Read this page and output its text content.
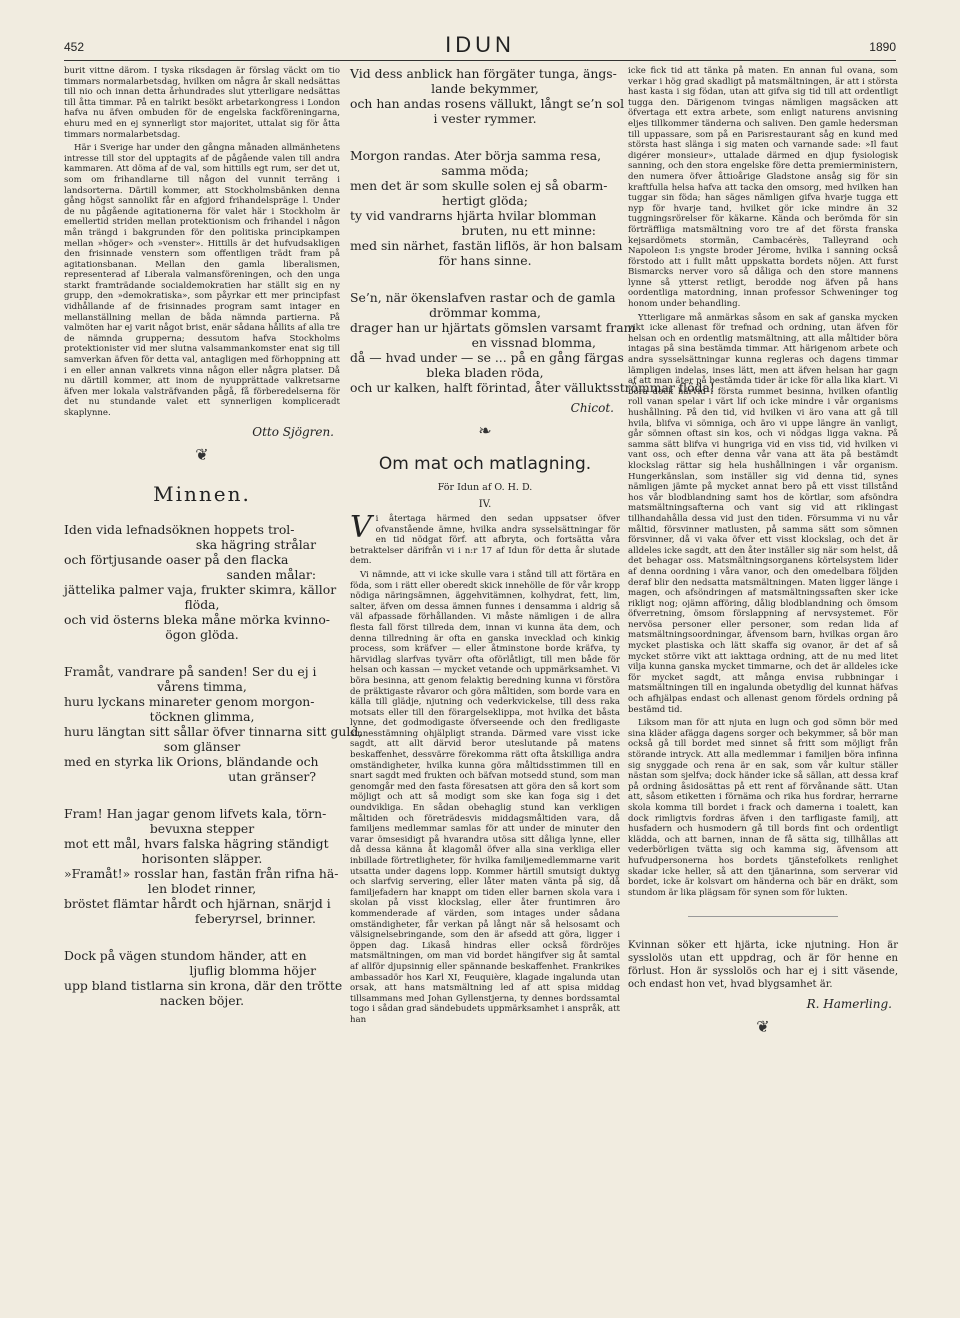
452	IDUN	1890

burit vittne därom. I tyska riksdagen är förslag väckt om tio timmars normalarbetsdag, hvilken om några år skall nedsättas till nio och innan detta århundrades slut ytterligare nedsättas till åtta timmar. På en talrikt besökt arbetarkongress i London hafva nu äfven ombuden för de engelska fackföreningarna, ehuru med en ej synnerligt stor majoritet, uttalat sig för åtta timmars normalarbetsdag.

Här i Sverige har under den gångna månaden allmänhetens intresse till stor del upptagits af de pågående valen till andra kammaren. Att döma af de val, som hittills egt rum, ser det ut, som om frihandlarne till någon del vunnit terräng i landsorterna. Därtill kommer, att Stockholmsbänken denna gång högst sannolikt får en afgjord frihandelspräge l. Under de nu pågående agitationerna för valet här i Stockholm är emellertid striden mellan protektionism och frihandel i någon mån trängd i bakgrunden för den politiska principkampen mellan »höger» och »venster». Hittills är det hufvudsakligen den frisinnade venstern som offentligen trädt fram på agitationsbanan. Mellan den gamla liberalismen, representerad af Liberala valmansföreningen, och den unga starkt framträdande socialdemokratien har ställt sig en ny grupp, den »demokratiska», som påyrkar ett mer principfast vidhållande af de frisinnades program samt intager en mellanställning mellan de båda nämnda partierna. På valmöten har ej varit något brist, enär sådana hållits af alla tre de nämnda grupperna; dessutom hafva Stockholms protektionister vid mer slutna valsammankomster enat sig till samverkan äfven för detta val, antagligen med förhoppning att i en eller annan valkrets vinna någon eller några platser. Då nu därtill kommer, att inom de nyupprättade valkretsarne äfven mer lokala valsträfvanden pågå, få förberedelserna för det nu stundande valet ett synnerligen kompliceradt skaplynne.

Otto Sjögren.
❦
Minnen.

Iden vida lefnadsöknen hoppets trol-

ska hägring strålar

och förtjusande oaser på den flacka

sanden målar:

jättelika palmer vaja, frukter skimra, källor

flöda,

och vid österns bleka måne mörka kvinno-

ögon glöda.

Framåt, vandrare på sanden! Ser du ej i

vårens timma,

huru lyckans minareter genom morgon-

töcknen glimma,

huru längtan sitt sållar öfver tinnarna sitt guld,

som glänser

med en styrka lik Orions, bländande och

utan gränser?

Fram! Han jagar genom lifvets kala, törn-

bevuxna stepper

mot ett mål, hvars falska hägring ständigt

horisonten släpper.

»Framåt!» rosslar han, fastän från rifna hä-

len blodet rinner,

bröstet flämtar hårdt och hjärnan, snärjd i

feberyrsel, brinner.

Dock på vägen stundom händer, att en

ljuflig blomma höjer

upp bland tistlarna sin krona, där den trötte

nacken böjer.

Vid dess anblick han förgäter tunga, ängs-

lande bekymmer,

och han andas rosens vällukt, långt se’n sol

i vester rymmer.

Morgon randas. Ater börja samma resa,

samma möda;

men det är som skulle solen ej så obarm-

hertigt glöda;

ty vid vandrarns hjärta hvilar blomman

bruten, nu ett minne:

med sin närhet, fastän liflös, är hon balsam

för hans sinne.

Se’n, när ökenslafven rastar och de gamla

drömmar komma,

drager han ur hjärtats gömslen varsamt fram

en vissnad blomma,

då — hvad under — se ... på en gång färgas

bleka bladen röda,

och ur kalken, halft förintad, åter välluktsströmmar flöda!

Chicot.
❧
Om mat och matlagning.
För Idun af O. H. D.
IV.

Vi återtaga härmed den sedan uppsatser öfver ofvanstående ämne, hvilka andra sysselsättningar för en tid nödgat förf. att afbryta, och fortsätta våra betraktelser därifrån vi i n:r 17 af Idun för detta år slutade dem.

Vi nämnde, att vi icke skulle vara i stånd till att förtära en föda, som i rätt eller oberedt skick innehölle de för vår kropp nödiga näringsämnen, äggehvitämnen, kolhydrat, fett, lim, salter, äfven om dessa ämnen funnes i densamma i aldrig så väl afpassade förhållanden. Vi måste nämligen i de allra flesta fall först tillreda dem, innan vi kunna äta dem, och denna tillredning är ofta en ganska invecklad och kinkig process, som kräfver — eller åtminstone borde kräfva, ty härvidlag slarfvas tyvärr ofta oförlåtligt, till men både för helsan och kassan — mycket vetande och uppmärksamhet. Vi böra besinna, att genom felaktig beredning kunna vi förstöra de präktigaste råvaror och göra måltiden, som borde vara en källa till glädje, njutning och vederkvickelse, till dess raka motsats eller till den förargelseklippa, mot hvilka det båsta lynne, det godmodigaste öfverseende och den fredligaste sinnesstämning ohjälpligt stranda. Därmed vare visst icke sagdt, att allt därvid beror uteslutande på matens beskaffenhet, dessvärre förekomma rätt ofta åtskilliga andra omständigheter, hvilka kunna göra måltidsstimmen till en snart sagdt med frukten och bäfvan motsedd stund, som man genomgår med den fasta föresatsen att göra den så kort som möjligt och att så modigt som ske kan foga sig i det oundvikliga. En sådan obehaglig stund kan verkligen måltiden och företrädesvis middagsmåltiden vara, då familjens medlemmar samlas för att under de minuter den varar ömsesidigt på hvarandra utösa sitt dåliga lynne, eller då dessa känna åt klagomål öfver alla sina verkliga eller inbillade förtretligheter, för hvilka familjemedlemmarne varit utsatta under dagens lopp. Kommer härtill smutsigt duktyg och slarfvig servering, eller låter maten vänta på sig, då familjefadern har knappt om tiden eller barnen skola vara i skolan på visst klockslag, eller åter fruntimren äro kommenderade af värden, som intages under sådana omständigheter, får verkan på långt när så helsosamt och välsignelsebringande, som den är afsedd att göra, ligger i öppen dag. Likaså hindras eller också fördröjes matsmältningen, om man vid bordet hängifver sig åt samtal af allför djupsinnig eller spännande beskaffenhet. Frankrikes ambassadör hos Karl XI, Feuquière, klagade ingalunda utan orsak, att hans matsmältning led af att spisa middag tillsammans med Johan Gyllenstjerna, ty dennes bordssamtal togo i sådan grad sändebudets uppmärksamhet i anspråk, att han

icke fick tid att tänka på maten. En annan ful ovana, som verkar i hög grad skadligt på matsmältningen, är att i största hast kasta i sig födan, utan att gifva sig tid till att ordentligt tugga den. Därigenom tvingas nämligen magsäcken att öfvertaga ett extra arbete, som enligt naturens anvisning eljes tillkommer tänderna och saliven. Den gamle hedersman till uppassare, som på en Parisrestaurant såg en kund med största hast slänga i sig maten och varnande sade: »Il faut digérer monsieur», uttalade därmed en djup fysiologisk sanning, och den stora engelske före detta premierministern, den numera öfver åttioårige Gladstone ansåg sig för sin kraftfulla helsa hafva att tacka den omsorg, med hvilken han tuggar sin föda; han säges nämligen gifva hvarje tugga ett nyp för hvarje tand, hvilket gör icke mindre än 32 tuggningsrörelser för käkarne. Kända och berömda för sin förträffliga matsmältning voro tre af det första franska kejsardömets stormän, Cambacérès, Talleyrand och Napoleon I:s yngste broder Jérome, hvilka i sanning också förstodo att i fullt mått uppskatta bordets nöjen. Att furst Bismarcks nerver voro så dåliga och den store mannens lynne så ytterst retligt, berodde nog äfven på hans oordentliga matordning, innan professor Schweninger tog honom under behandling.

Ytterligare må anmärkas såsom en sak af ganska mycken vikt icke allenast för trefnad och ordning, utan äfven för helsan och en ordentlig matsmältning, att alla måltider böra intagas på sina bestämda timmar. Att härigenom arbete och andra sysselsättningar kunna regleras och dagens timmar lämpligen indelas, inses lätt, men att äfven helsan har gagn af att man äter på bestämda tider är icke för alla lika klart. Vi böra dock härvid i första rummet besinna, hvilken ofantlig roll vanan spelar i värt lif och icke mindre i vår organisms hushållning. På den tid, vid hvilken vi äro vana att gå till hvila, blifva vi sömniga, och äro vi uppe längre än vanligt, går sömnen oftast sin kos, och vi nödgas ligga vakna. På samma sätt blifva vi hungriga vid en viss tid, vid hvilken vi vant oss, och efter denna vår vana att äta på bestämdt klockslag rättar sig hela hushållningen i vår organism. Hungerkänslan, som inställer sig vid denna tid, synes nämligen jämte på mycket annat bero på ett visst tillstånd hos vår blodblandning samt hos de körtlar, som afsöndra matsmältningsafterna och vant sig vid att riklingast tillhandahålla dessa vid just den tiden. Försumma vi nu vår måltid, försvinner matlusten, på samma sätt som sömnen försvinner, då vi vaka öfver ett visst klockslag, och det är alldeles icke sagdt, att den åter inställer sig när som helst, då det behagar oss. Matsmältningsorganens körtelsystem lider af denna oordning i våra vanor, och den omedelbara följden deraf blir den nedsatta matsmältningen. Maten ligger länge i magen, och afsöndringen af matsmältningssaften sker icke rikligt nog; ojämn afföring, dålig blodblandning och ömsom öfverretning, ömsom förslappning af nervsystemet. För nervösa personer eller personer, som redan lida af matsmältningsoordningar, äfvensom barn, hvilkas organ äro mycket plastiska och lätt skaffa sig ovanor, är det af så mycket större vikt att iakttaga ordning, att de nu med litet vilja kunna ganska mycket timmarne, och det är alldeles icke för mycket sagdt, att många envisa rubbningar i matsmältningen till en ingalunda obetydlig del kunnat häfvas och afhjälpas endast och allenast genom fördels ordning på bestämd tid.

Liksom man för att njuta en lugn och god sömn bör med sina kläder afägga dagens sorger och bekymmer, så bör man också gå till bordet med sinnet så fritt som möjligt från störande intryck. Att alla medlemmar i familjen böra infinna sig snyggade och rena är en sak, som vår kultur ställer nästan som sjelfva; dock händer icke så sällan, att dessa kraf på ordning åsidosättas på ett rent af förvånande sätt. Utan att, såsom etiketten i förnäma och rika hus fordrar, herrarne skola komma till bordet i frack och damerna i toalett, kan dock rimligtvis fordras äfven i den tarfligaste familj, att husfadern och husmodern gå till bords fint och ordentligt klädda, och att barnen, innan de få sätta sig, tillhållas att vederbörligen tvätta sig och kamma sig, äfvensom att hufvudpersonerna hos bordets tjänstefolkets renlighet skadar icke heller, så att den tjänarinna, som serverar vid bordet, icke är kolsvart om händerna och bär en dräkt, som stundom är lika plägsam för synen som för lukten.

Kvinnan söker ett hjärta, icke njutning. Hon är sysslolös utan ett uppdrag, och är för henne en förlust. Hon är sysslolös och har ej i sitt väsende, och endast hon vet, hvad blygsamhet är.

R. Hamerling.
❦
